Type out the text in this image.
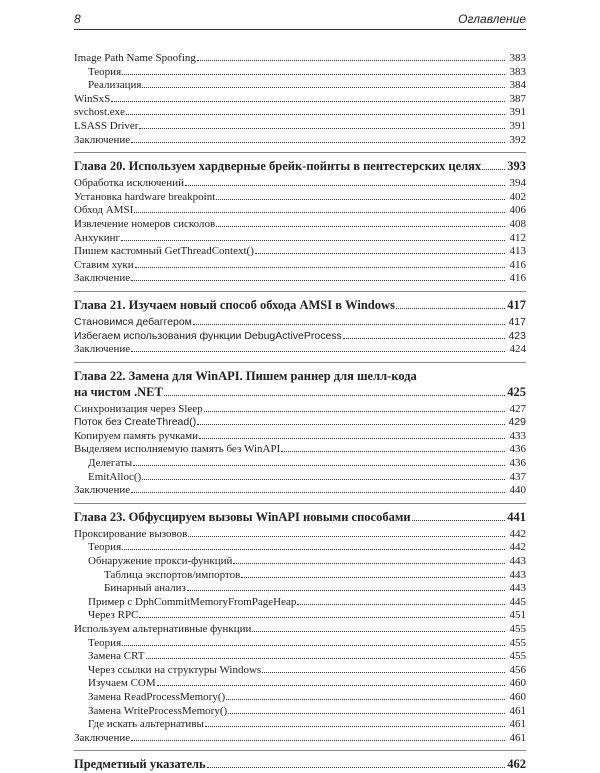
8	Оглавление
Image Path Name Spoofing	383
Теория	383
Реализация	384
WinSxS	387
svchost.exe	391
LSASS Driver	391
Заключение	392
Глава 20. Используем хардверные брейк-пойнты в пентестерских целях 393
Обработка исключений	394
Установка hardware breakpoint	402
Обход AMSI	406
Извлечение номеров сисколов	408
Анхукинг	412
Пишем кастомный GetThreadContext()	413
Ставим хуки	416
Заключение	416
Глава 21. Изучаем новый способ обхода AMSI в Windows	417
Становимся дебаггером	417
Избегаем использования функции DebugActiveProcess	423
Заключение	424
Глава 22. Замена для WinAPI. Пишем раннер для шелл-кода
на чистом .NET	425
Синхронизация через Sleep	427
Поток без CreateThread()	429
Копируем память ручками	433
Выделяем исполняемую память без WinAPI	436
Делегаты	436
EmitAlloc()	437
Заключение	440
Глава 23. Обфусцируем вызовы WinAPI новыми способами	441
Проксирование вызовов	442
Теория	442
Обнаружение прокси-функций	443
Таблица экспортов/импортов	443
Бинарный анализ	443
Пример с DphCommitMemoryFromPageHeap	445
Через RPC	451
Используем альтернативные функции	455
Теория	455
Замена CRT	455
Через ссылки на структуры Windows	456
Изучаем COM	460
Замена ReadProcessMemory()	460
Замена WriteProcessMemory()	461
Где искать альтернативы	461
Заключение	461
Предметный указатель	462
